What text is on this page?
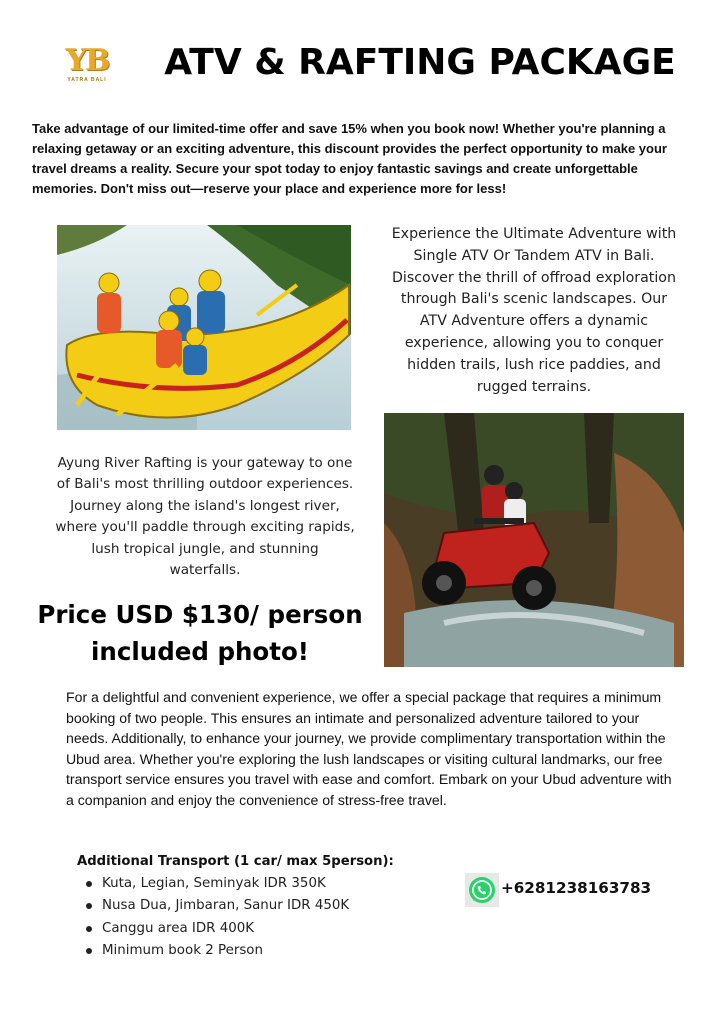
YB
YATRA BALI ATV & RAFTING PACKAGE
Take advantage of our limited-time offer and save 15% when you book now! Whether you're planning a relaxing getaway or an exciting adventure, this discount provides the perfect opportunity to make your travel dreams a reality. Secure your spot today to enjoy fantastic savings and create unforgettable memories. Don't miss out—reserve your place and experience more for less!
Experience the Ultimate Adventure with Single ATV Or Tandem ATV in Bali. Discover the thrill of offroad exploration through Bali's scenic landscapes. Our ATV Adventure offers a dynamic experience, allowing you to conquer hidden trails, lush rice paddies, and rugged terrains.
Ayung River Rafting is your gateway to one of Bali's most thrilling outdoor experiences. Journey along the island's longest river, where you'll paddle through exciting rapids, lush tropical jungle, and stunning waterfalls.
Price USD $130/ person
included photo!
For a delightful and convenient experience, we offer a special package that requires a minimum booking of two people. This ensures an intimate and personalized adventure tailored to your needs. Additionally, to enhance your journey, we provide complimentary transportation within the Ubud area. Whether you're exploring the lush landscapes or visiting cultural landmarks, our free transport service ensures you travel with ease and comfort. Embark on your Ubud adventure with a companion and enjoy the convenience of stress-free travel.
Additional Transport (1 car/ max 5person):
Kuta, Legian, Seminyak IDR 350K
Nusa Dua, Jimbaran, Sanur IDR 450K
Canggu area IDR 400K
Minimum book 2 Person
+6281238163783
